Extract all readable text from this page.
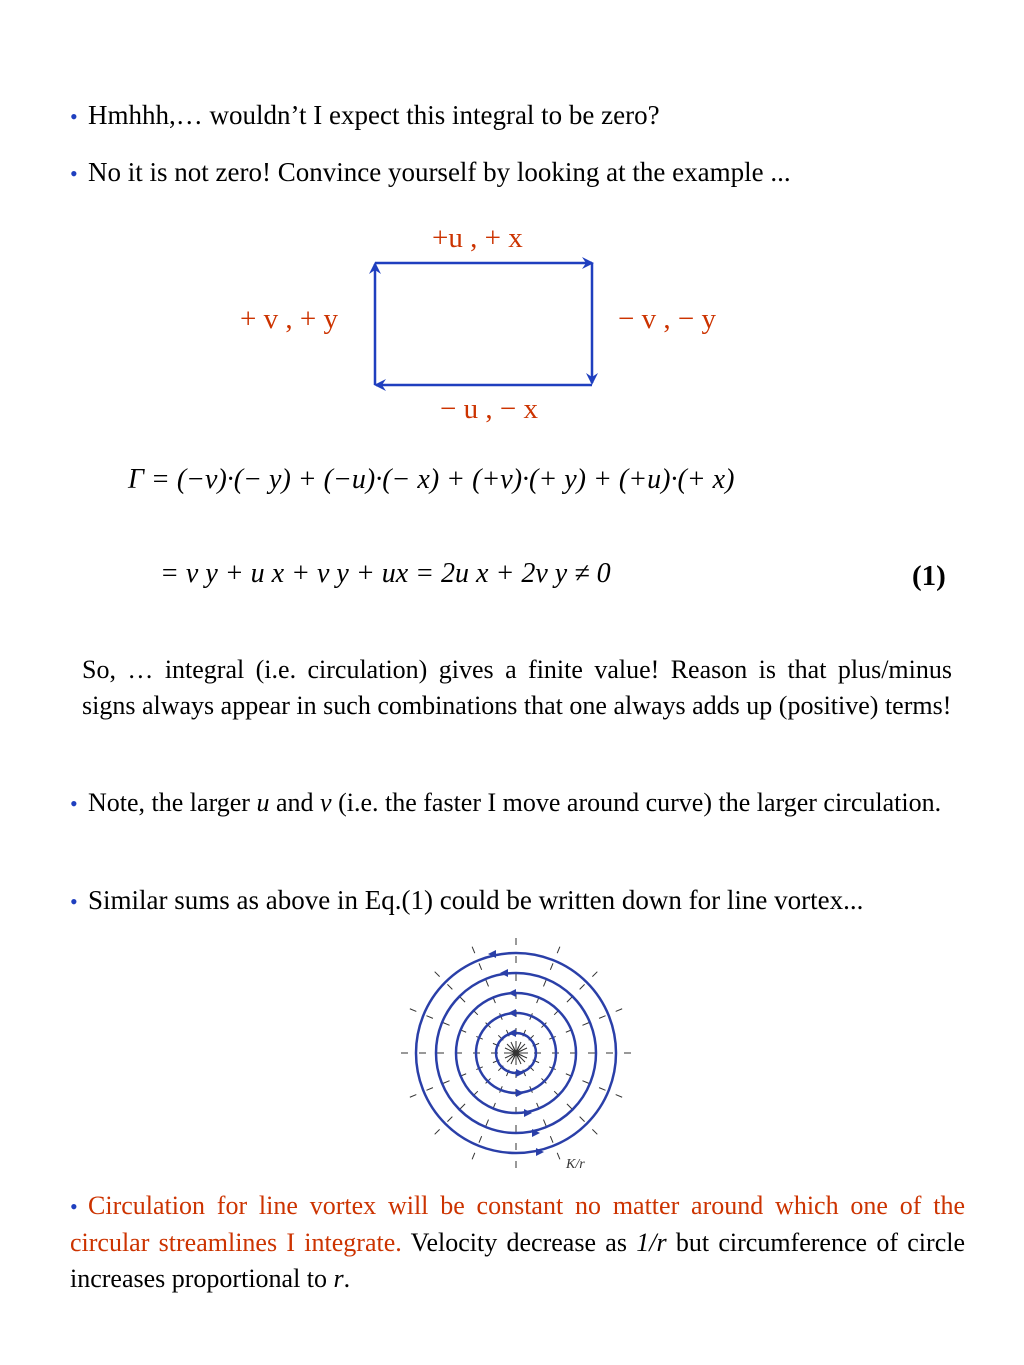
• Hmhhh,… wouldn’t I expect this integral to be zero?
• No it is not zero! Convince yourself by looking at the example ...
+u , + x
+ v , + y	− v , − y
− u , − x
Γ = (−v)·(− y) + (−u)·(− x) + (+v)·(+ y) + (+u)·(+ x)
= v y + u x + v y + ux = 2u x + 2v y ≠ 0	(1)
So, … integral (i.e. circulation) gives a finite value! Reason is that plus/minus signs always appear in such combinations that one always adds up (positive) terms!
• Note, the larger u and v (i.e. the faster I move around curve) the larger circulation.
• Similar sums as above in Eq.(1) could be written down for line vortex...
K/r
• Circulation for line vortex will be constant no matter around which one of the circular streamlines I integrate. Velocity decrease as 1/r but circumference of circle increases proportional to r.
